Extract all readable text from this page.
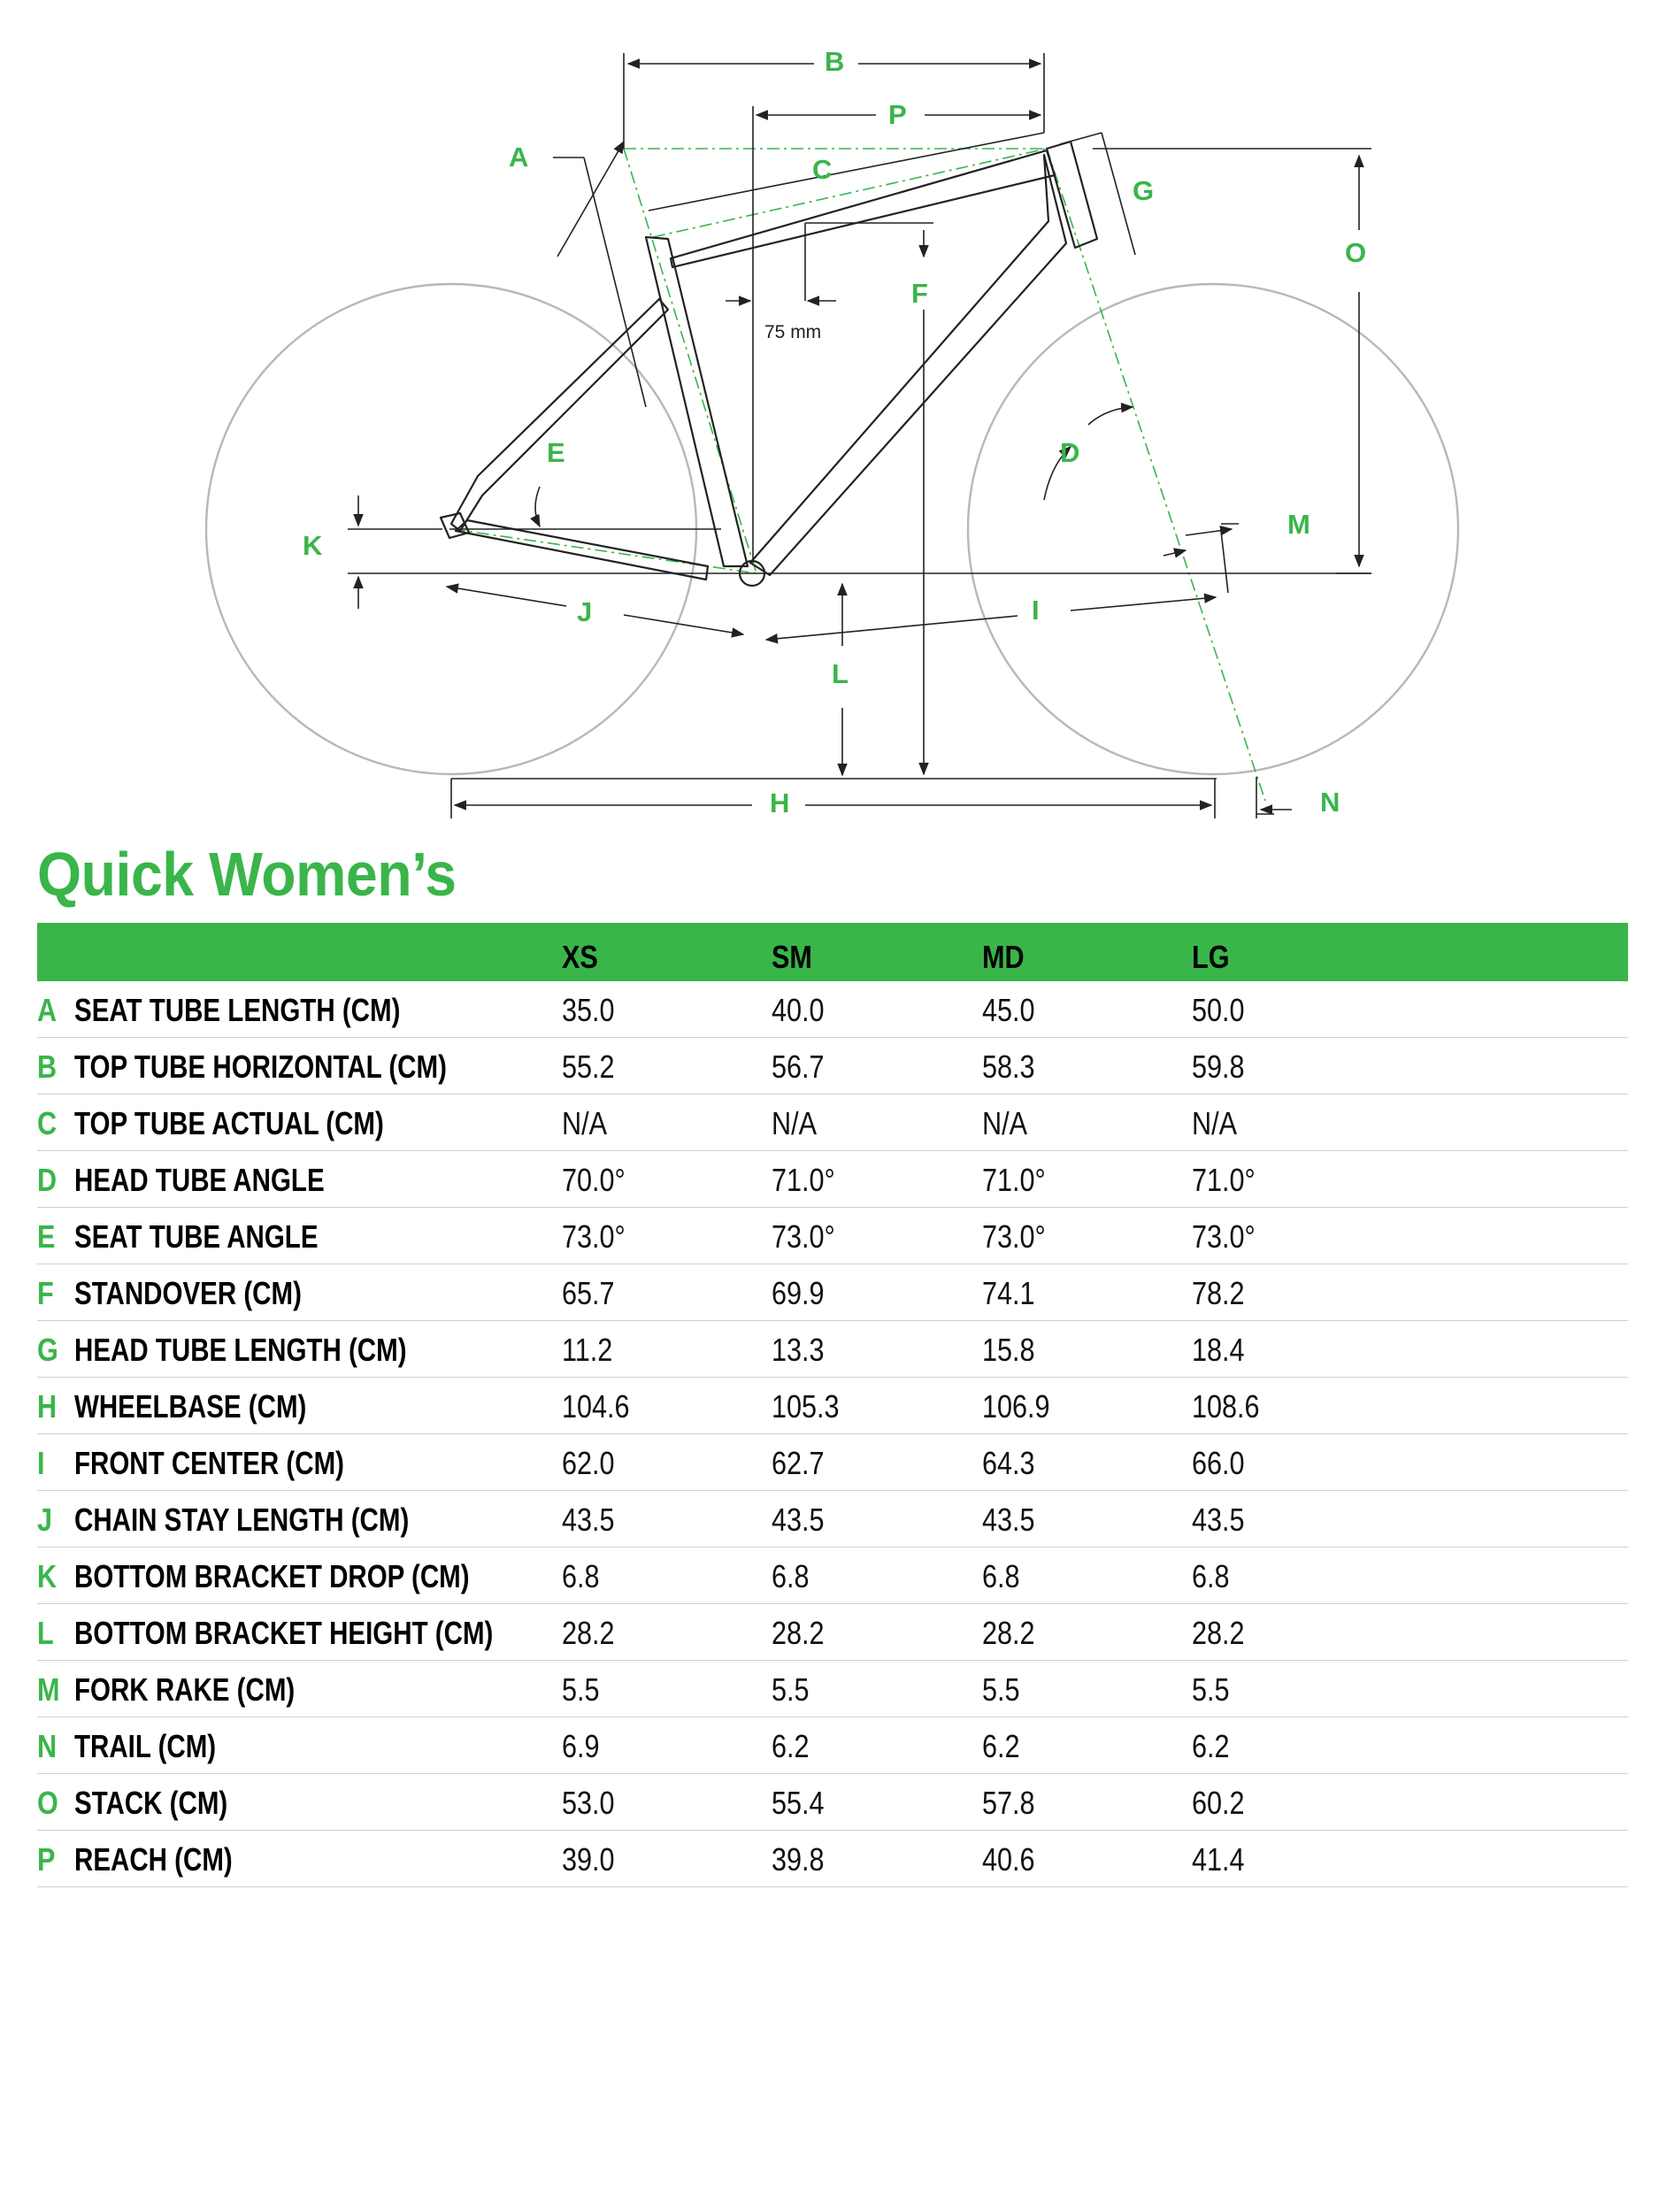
A
B
C
D
E
F
G
H
I
J
K
L
M
N
O
P
75 mm
Quick Women’s
XS	SM	MD	LG
A SEAT TUBE LENGTH (CM)	35.0	40.0	45.0	50.0
B TOP TUBE HORIZONTAL (CM)	55.2	56.7	58.3	59.8
C TOP TUBE ACTUAL (CM)	N/A	N/A	N/A	N/A
D HEAD TUBE ANGLE	70.0°	71.0°	71.0°	71.0°
E SEAT TUBE ANGLE	73.0°	73.0°	73.0°	73.0°
F STANDOVER (CM)	65.7	69.9	74.1	78.2
G HEAD TUBE LENGTH (CM)	11.2	13.3	15.8	18.4
H WHEELBASE (CM)	104.6	105.3	106.9	108.6
I FRONT CENTER (CM)	62.0	62.7	64.3	66.0
J CHAIN STAY LENGTH (CM)	43.5	43.5	43.5	43.5
K BOTTOM BRACKET DROP (CM)	6.8	6.8	6.8	6.8
L BOTTOM BRACKET HEIGHT (CM) 28.2	28.2	28.2	28.2
M FORK RAKE (CM)	5.5	5.5	5.5	5.5
N TRAIL (CM)	6.9	6.2	6.2	6.2
O STACK (CM)	53.0	55.4	57.8	60.2
P REACH (CM)	39.0	39.8	40.6	41.4
